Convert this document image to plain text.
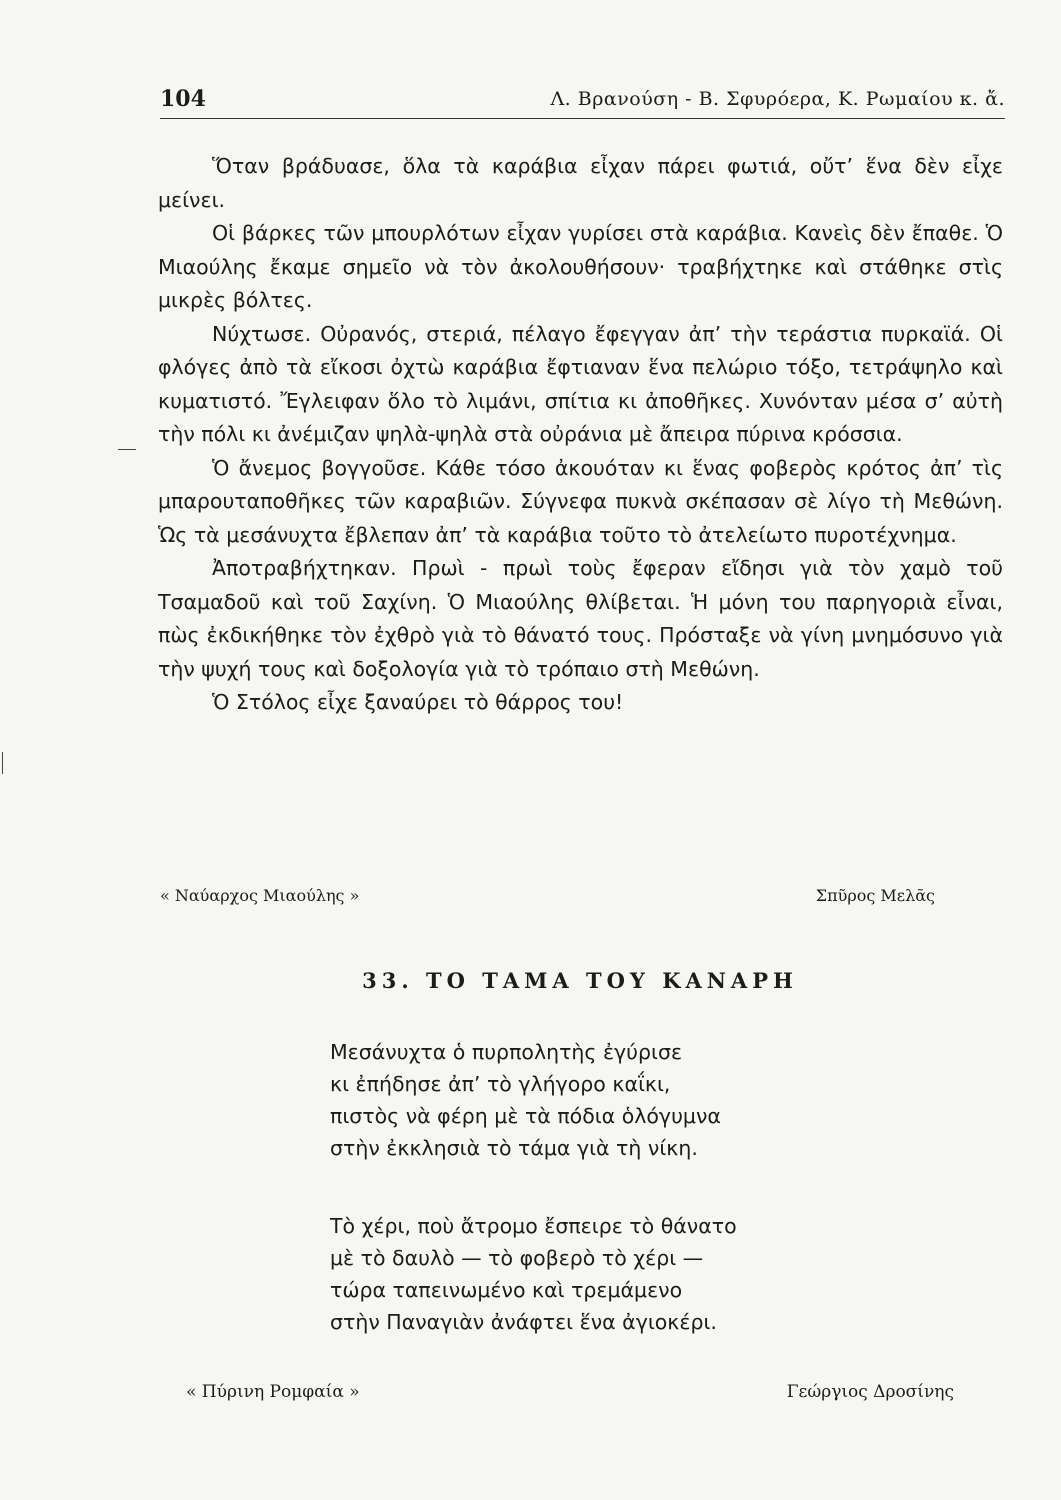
104	Λ. Βρανούση - Β. Σφυρόερα, Κ. Ρωμαίου κ. ἄ.

Ὅταν βράδυασε, ὅλα τὰ καράβια εἶχαν πάρει φωτιά, οὔτ’ ἕνα δὲν εἶχε μείνει.

Οἱ βάρκες τῶν μπουρλότων εἶχαν γυρίσει στὰ καράβια. Κανεὶς δὲν ἔπαθε. Ὁ Μιαούλης ἔκαμε σημεῖο νὰ τὸν ἀκολουθήσουν· τραβήχτηκε καὶ στάθηκε στὶς μικρὲς βόλτες.

Νύχτωσε. Οὐρανός, στεριά, πέλαγο ἔφεγγαν ἀπ’ τὴν τεράστια πυρκαϊά. Οἱ φλόγες ἀπὸ τὰ εἴκοσι ὀχτὼ καράβια ἔφτιαναν ἕνα πελώριο τόξο, τετράψηλο καὶ κυματιστό. Ἔγλειφαν ὅλο τὸ λιμάνι, σπίτια κι ἀποθῆκες. Χυνόνταν μέσα σ’ αὐτὴ τὴν πόλι κι ἀνέμιζαν ψηλὰ-ψηλὰ στὰ οὐράνια μὲ ἄπειρα πύρινα κρόσσια.

Ὁ ἄνεμος βογγοῦσε. Κάθε τόσο ἀκουόταν κι ἕνας φοβερὸς κρότος ἀπ’ τὶς μπαρουταποθῆκες τῶν καραβιῶν. Σύγνεφα πυκνὰ σκέπασαν σὲ λίγο τὴ Μεθώνη. Ὡς τὰ μεσάνυχτα ἔβλεπαν ἀπ’ τὰ καράβια τοῦτο τὸ ἀτελείωτο πυροτέχνημα.

Ἀποτραβήχτηκαν. Πρωὶ - πρωὶ τοὺς ἔφεραν εἴδησι γιὰ τὸν χαμὸ τοῦ Τσαμαδοῦ καὶ τοῦ Σαχίνη. Ὁ Μιαούλης θλίβεται. Ἡ μόνη του παρηγοριὰ εἶναι, πὼς ἐκδικήθηκε τὸν ἐχθρὸ γιὰ τὸ θάνατό τους. Πρόσταξε νὰ γίνη μνημόσυνο γιὰ τὴν ψυχή τους καὶ δοξολογία γιὰ τὸ τρόπαιο στὴ Μεθώνη.

Ὁ Στόλος εἶχε ξαναύρει τὸ θάρρος του!

« Ναύαρχος Μιαούλης »	Σπῦρος Μελᾶς
33. ΤΟ ΤΑΜΑ ΤΟΥ ΚΑΝΑΡΗ
Μεσάνυχτα ὁ πυρπολητὴς ἐγύρισε
κι ἐπήδησε ἀπ’ τὸ γλήγορο καΐκι,
πιστὸς νὰ φέρη μὲ τὰ πόδια ὁλόγυμνα
στὴν ἐκκλησιὰ τὸ τάμα γιὰ τὴ νίκη.
Τὸ χέρι, ποὺ ἄτρομο ἔσπειρε τὸ θάνατο
μὲ τὸ δαυλὸ — τὸ φοβερὸ τὸ χέρι —
τώρα ταπεινωμένο καὶ τρεμάμενο
στὴν Παναγιὰν ἀνάφτει ἕνα ἀγιοκέρι.
« Πύρινη Ρομφαία »	Γεώργιος Δροσίνης
